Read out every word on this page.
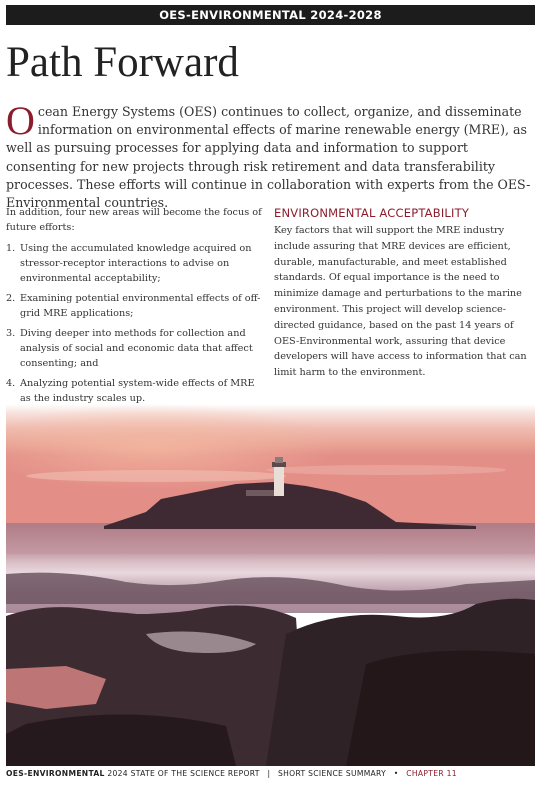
OES-ENVIRONMENTAL 2024-2028
Path Forward

Ocean Energy Systems (OES) continues to collect, organize, and disseminate information on environmental effects of marine renewable energy (MRE), as well as pursuing processes for applying data and information to support consenting for new projects through risk retirement and data transferability processes. These efforts will continue in collaboration with experts from the OES-Environmental countries.

In addition, four new areas will become the focus of future efforts:

1. Using the accumulated knowledge acquired on stressor-receptor interactions to advise on environmental acceptability;
2. Examining potential environmental effects of off-grid MRE applications;
3. Diving deeper into methods for collection and analysis of social and economic data that affect consenting; and
4. Analyzing potential system-wide effects of MRE as the industry scales up.
ENVIRONMENTAL ACCEPTABILITY

Key factors that will support the MRE industry include assuring that MRE devices are efficient, durable, manufacturable, and meet established standards. Of equal importance is the need to minimize damage and perturbations to the marine environment. This project will develop science-directed guidance, based on the past 14 years of OES-Environmental work, assuring that device developers will have access to information that can limit harm to the environment.

OES-ENVIRONMENTAL 2024 STATE OF THE SCIENCE REPORT | SHORT SCIENCE SUMMARY • CHAPTER 11
